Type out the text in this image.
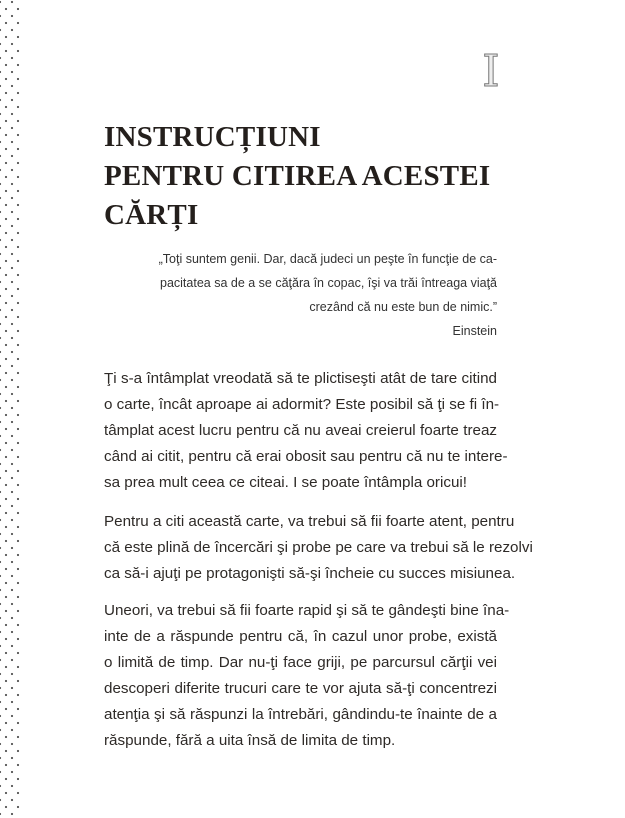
I
INSTRUCȚIUNI
PENTRU CITIREA ACESTEI
CĂRȚI
„Toţi suntem genii. Dar, dacă judeci un peşte în funcţie de ca-
pacitatea sa de a se căţăra în copac, îşi va trăi întreaga viaţă
crezând că nu este bun de nimic.”
Einstein
Ţi s-a întâmplat vreodată să te plictiseşti atât de tare citind
o carte, încât aproape ai adormit? Este posibil să ţi se fi în-
tâmplat acest lucru pentru că nu aveai creierul foarte treaz
când ai citit, pentru că erai obosit sau pentru că nu te intere-
sa prea mult ceea ce citeai. I se poate întâmpla oricui!
Pentru a citi această carte, va trebui să fii foarte atent, pentru
că este plină de încercări şi probe pe care va trebui să le rezolvi
ca să-i ajuţi pe protagonişti să-şi încheie cu succes misiunea.
Uneori, va trebui să fii foarte rapid şi să te gândeşti bine îna-
inte de a răspunde pentru că, în cazul unor probe, există
o limită de timp. Dar nu-ţi face griji, pe parcursul cărţii vei
descoperi diferite trucuri care te vor ajuta să-ţi concentrezi
atenţia şi să răspunzi la întrebări, gândindu-te înainte de a
răspunde, fără a uita însă de limita de timp.
